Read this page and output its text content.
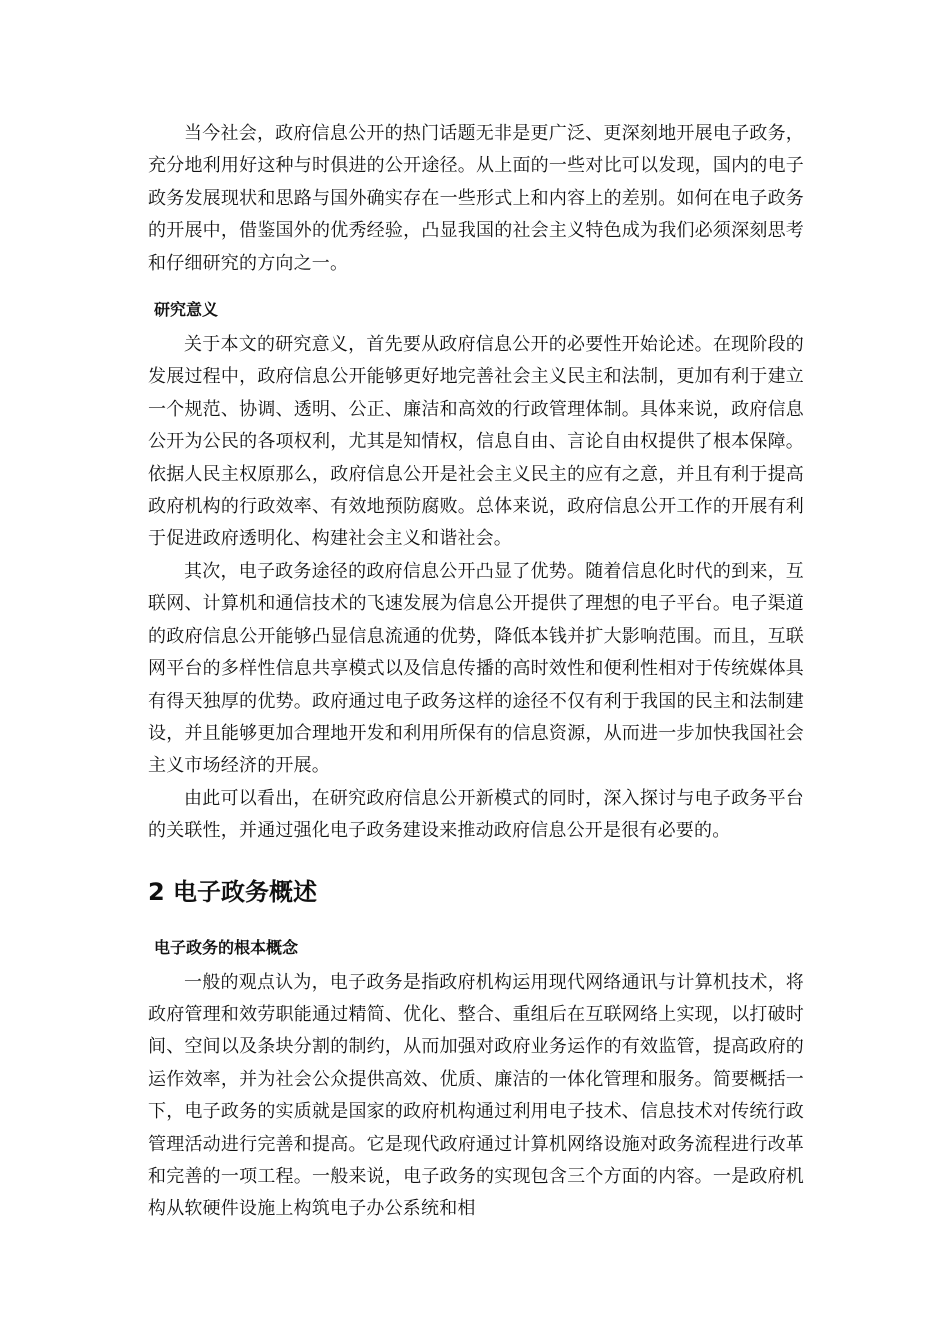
当今社会，政府信息公开的热门话题无非是更广泛、更深刻地开展电子政务，充分地利用好这种与时俱进的公开途径。从上面的一些对比可以发现，国内的电子政务发展现状和思路与国外确实存在一些形式上和内容上的差别。如何在电子政务的开展中，借鉴国外的优秀经验，凸显我国的社会主义特色成为我们必须深刻思考和仔细研究的方向之一。

研究意义

关于本文的研究意义，首先要从政府信息公开的必要性开始论述。在现阶段的发展过程中，政府信息公开能够更好地完善社会主义民主和法制，更加有利于建立一个规范、协调、透明、公正、廉洁和高效的行政管理体制。具体来说，政府信息公开为公民的各项权利，尤其是知情权，信息自由、言论自由权提供了根本保障。依据人民主权原那么，政府信息公开是社会主义民主的应有之意，并且有利于提高政府机构的行政效率、有效地预防腐败。总体来说，政府信息公开工作的开展有利于促进政府透明化、构建社会主义和谐社会。

其次，电子政务途径的政府信息公开凸显了优势。随着信息化时代的到来，互联网、计算机和通信技术的飞速发展为信息公开提供了理想的电子平台。电子渠道的政府信息公开能够凸显信息流通的优势，降低本钱并扩大影响范围。而且，互联网平台的多样性信息共享模式以及信息传播的高时效性和便利性相对于传统媒体具有得天独厚的优势。政府通过电子政务这样的途径不仅有利于我国的民主和法制建设，并且能够更加合理地开发和利用所保有的信息资源，从而进一步加快我国社会主义市场经济的开展。

由此可以看出，在研究政府信息公开新模式的同时，深入探讨与电子政务平台的关联性，并通过强化电子政务建设来推动政府信息公开是很有必要的。

2 电子政务概述
电子政务的根本概念

一般的观点认为，电子政务是指政府机构运用现代网络通讯与计算机技术，将政府管理和效劳职能通过精简、优化、整合、重组后在互联网络上实现，以打破时间、空间以及条块分割的制约，从而加强对政府业务运作的有效监管，提高政府的运作效率，并为社会公众提供高效、优质、廉洁的一体化管理和服务。简要概括一下，电子政务的实质就是国家的政府机构通过利用电子技术、信息技术对传统行政管理活动进行完善和提高。它是现代政府通过计算机网络设施对政务流程进行改革和完善的一项工程。一般来说，电子政务的实现包含三个方面的内容。一是政府机构从软硬件设施上构筑电子办公系统和相
